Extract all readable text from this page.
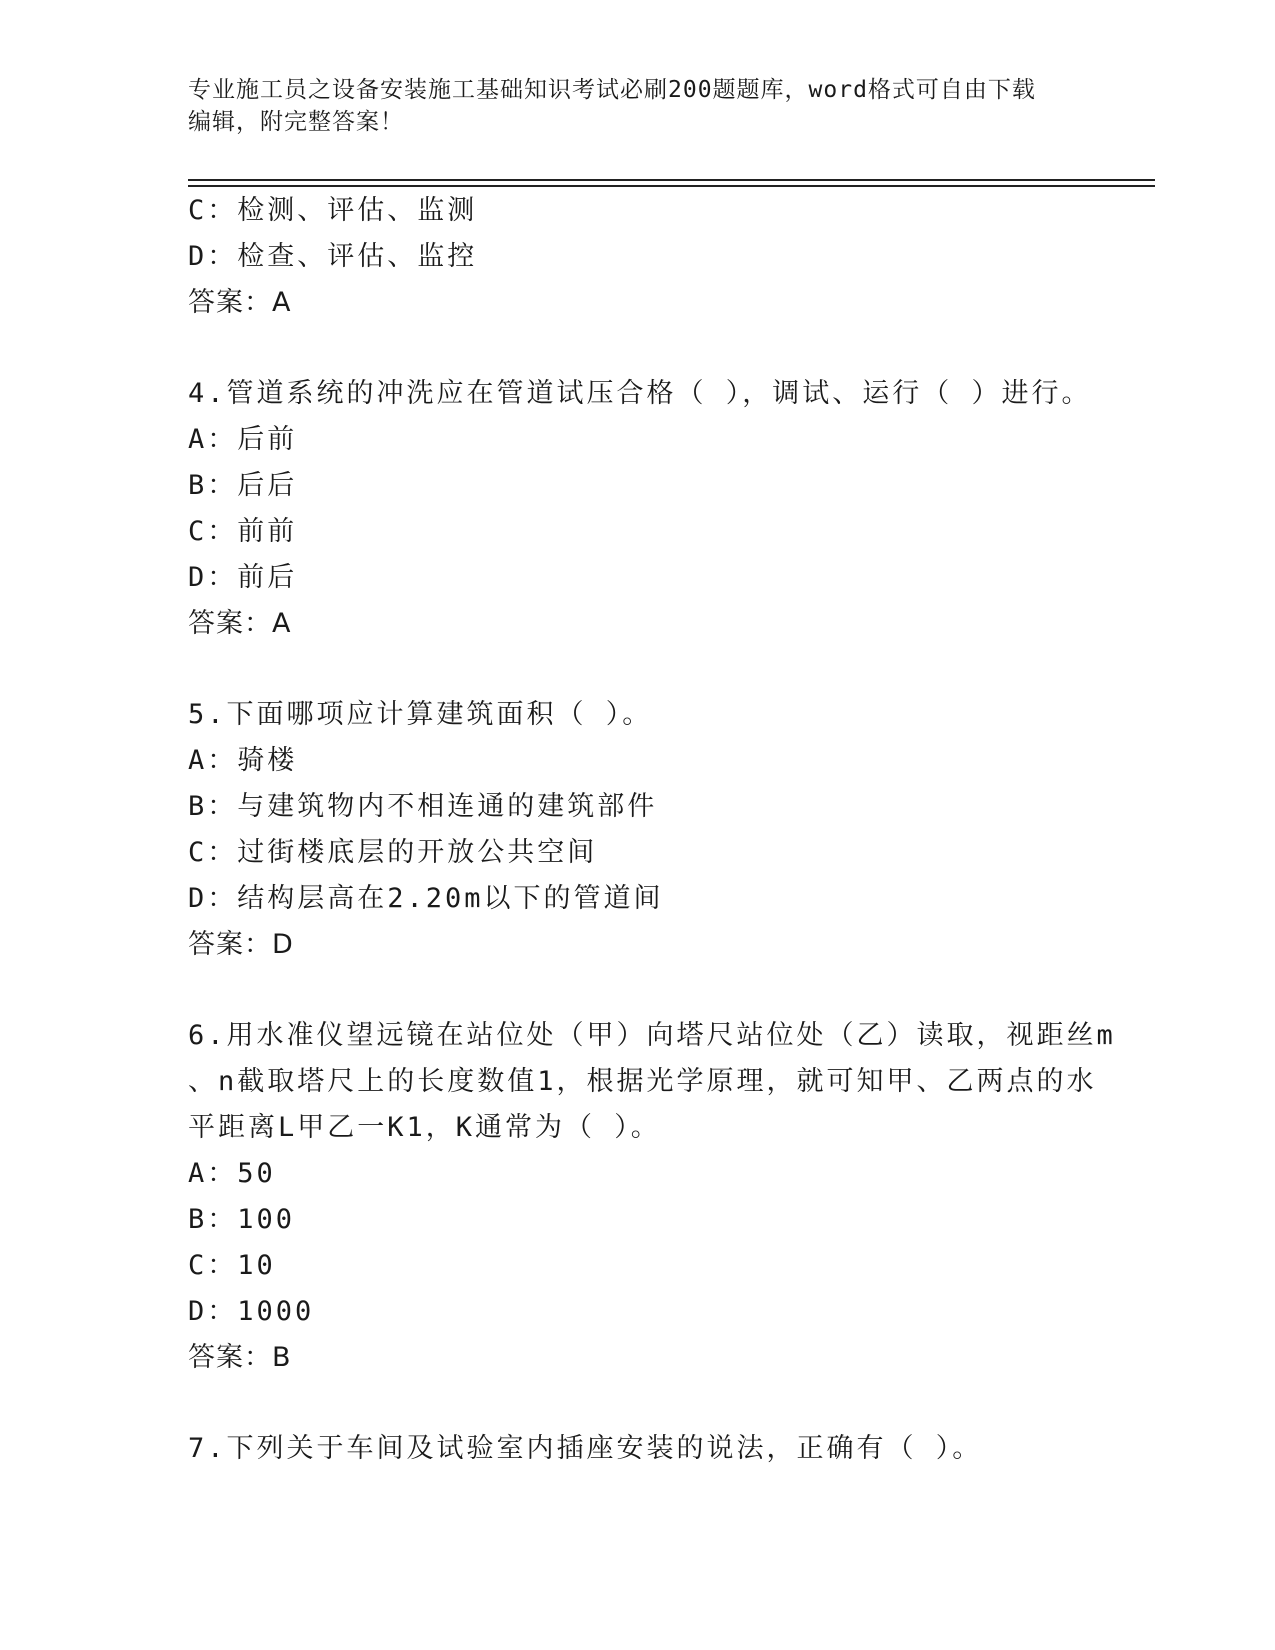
专业施工员之设备安装施工基础知识考试必刷200题题库，word格式可自由下载
编辑，附完整答案！
C：检测、评估、监测
D：检查、评估、监控
答案：A
4.管道系统的冲洗应在管道试压合格（ ），调试、运行（ ）进行。
A：后前
B：后后
C：前前
D：前后
答案：A
5.下面哪项应计算建筑面积（ ）。
A：骑楼
B：与建筑物内不相连通的建筑部件
C：过街楼底层的开放公共空间
D：结构层高在2.20m以下的管道间
答案：D
6.用水准仪望远镜在站位处（甲）向塔尺站位处（乙）读取，视距丝m
、n截取塔尺上的长度数值1，根据光学原理，就可知甲、乙两点的水
平距离L甲乙一K1，K通常为（ ）。
A：50
B：100
C：10
D：1000
答案：B
7.下列关于车间及试验室内插座安装的说法，正确有（ ）。
